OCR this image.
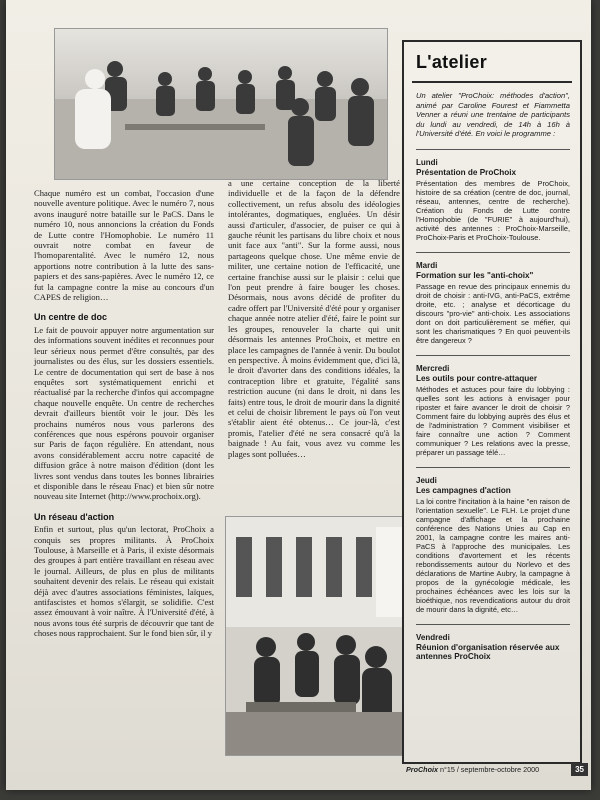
Chaque numéro est un combat, l'occasion d'une nouvelle aventure politique. Avec le numéro 7, nous avons inauguré notre bataille sur le PaCS. Dans le numéro 10, nous annoncions la création du Fonds de Lutte contre l'Homophobie. Le numéro 11 ouvrait notre combat en faveur de l'homoparentalité. Avec le numéro 12, nous apportions notre contribution à la lutte des sans-papiers et des sans-papières. Avec le numéro 12, ce fut la campagne contre la mise au concours d'un CAPES de religion…

Un centre de doc

Le fait de pouvoir appuyer notre argumentation sur des informations souvent inédites et reconnues pour leur sérieux nous permet d'être consultés, par des journalistes ou des élus, sur les dossiers essentiels. Le centre de documentation qui sert de base à nos enquêtes sort systématiquement enrichi et réactualisé par la recherche d'infos qui accompagne chaque nouvelle enquête. Un centre de recherches devrait d'ailleurs bientôt voir le jour. Dès les prochains numéros nous vous parlerons des conférences que nous espérons pouvoir organiser sur Paris de façon régulière. En attendant, nous avons considérablement accru notre capacité de diffusion grâce à notre maison d'édition (dont les livres sont vendus dans toutes les bonnes librairies et disponible dans le réseau Fnac) et bien sûr notre nouveau site Internet (http://www.prochoix.org).

Un réseau d'action

Enfin et surtout, plus qu'un lectorat, ProChoix a conquis ses propres militants. À ProChoix Toulouse, à Marseille et à Paris, il existe désormais des groupes à part entière travaillant en réseau avec le journal. Ailleurs, de plus en plus de militants souhaitent devenir des relais. Le réseau qui existait déjà avec d'autres associations féministes, laïques, antifascistes et homos s'élargit, se solidifie. C'est assez émouvant à voir naître. À l'Université d'été, à nous avons tous été surpris de découvrir que tant de choses nous rapprochaient. Sur le fond bien sûr, il y

a une certaine conception de la liberté individuelle et de la façon de la défendre collectivement, un refus absolu des idéologies intolérantes, dogmatiques, engluées. Un désir aussi d'articuler, d'associer, de puiser ce qui à gauche réunit les partisans du libre choix et nous unit face aux "anti". Sur la forme aussi, nous partageons quelque chose. Une même envie de militer, une certaine notion de l'efficacité, une certaine franchise aussi sur le plaisir : celui que l'on peut prendre à faire bouger les choses. Désormais, nous avons décidé de profiter du cadre offert par l'Université d'été pour y organiser chaque année notre atelier d'été, faire le point sur les groupes, renouveler la charte qui unit désormais les antennes ProChoix, et mettre en place les campagnes de l'année à venir. Du boulot en perspective. À moins évidemment que, d'ici là, le droit d'avorter dans des conditions idéales, la contraception libre et gratuite, l'égalité sans restriction aucune (ni dans le droit, ni dans les faits) entre tous, le droit de mourir dans la dignité et celui de choisir librement le pays où l'on veut s'établir aient été obtenus… Ce jour-là, c'est promis, l'atelier d'été ne sera consacré qu'à la baignade ! Au fait, vous avez vu comme les plages sont polluées…

L'atelier
Un atelier "ProChoix: méthodes d'action", animé par Caroline Fourest et Fiammetta Venner a réuni une trentaine de participants du lundi au vendredi, de 14h à 16h à l'Université d'été. En voici le programme :
Lundi
Présentation de ProChoix
Présentation des membres de ProChoix, histoire de sa création (centre de doc, journal, réseau, antennes, centre de recherche). Création du Fonds de Lutte contre l'Homophobie (de "FURIE" à aujourd'hui), activité des antennes : ProChoix-Marseille, ProChoix-Paris et ProChoix-Toulouse.
Mardi
Formation sur les "anti-choix"
Passage en revue des principaux ennemis du droit de choisir : anti-IVG, anti-PaCS, extrême droite, etc. ; analyse et décorticage du discours "pro-vie" anti-choix. Les associations dont on doit particulièrement se méfier, qui sont les charismatiques ? En quoi peuvent-ils être dangereux ?
Mercredi
Les outils pour contre-attaquer
Méthodes et astuces pour faire du lobbying : quelles sont les actions à envisager pour riposter et faire avancer le droit de choisir ? Comment faire du lobbying auprès des élus et de l'administration ? Comment visibiliser et faire connaître une action ? Comment communiquer ? Les relations avec la presse, préparer un passage télé…
Jeudi
Les campagnes d'action
La loi contre l'incitation à la haine "en raison de l'orientation sexuelle". Le FLH. Le projet d'une campagne d'affichage et la prochaine conférence des Nations Unies au Cap en 2001, la campagne contre les maires anti-PaCS à l'approche des municipales. Les conditions d'avortement et les récents rebondissements autour du Norlevo et des déclarations de Martine Aubry, la campagne à propos de la gynécologie médicale, les prochaines échéances avec les lois sur la bioéthique, nos revendications autour du droit de mourir dans la dignité, etc…
Vendredi
Réunion d'organisation réservée aux antennes ProChoix
ProChoix n°15 / septembre-octobre 2000	35
